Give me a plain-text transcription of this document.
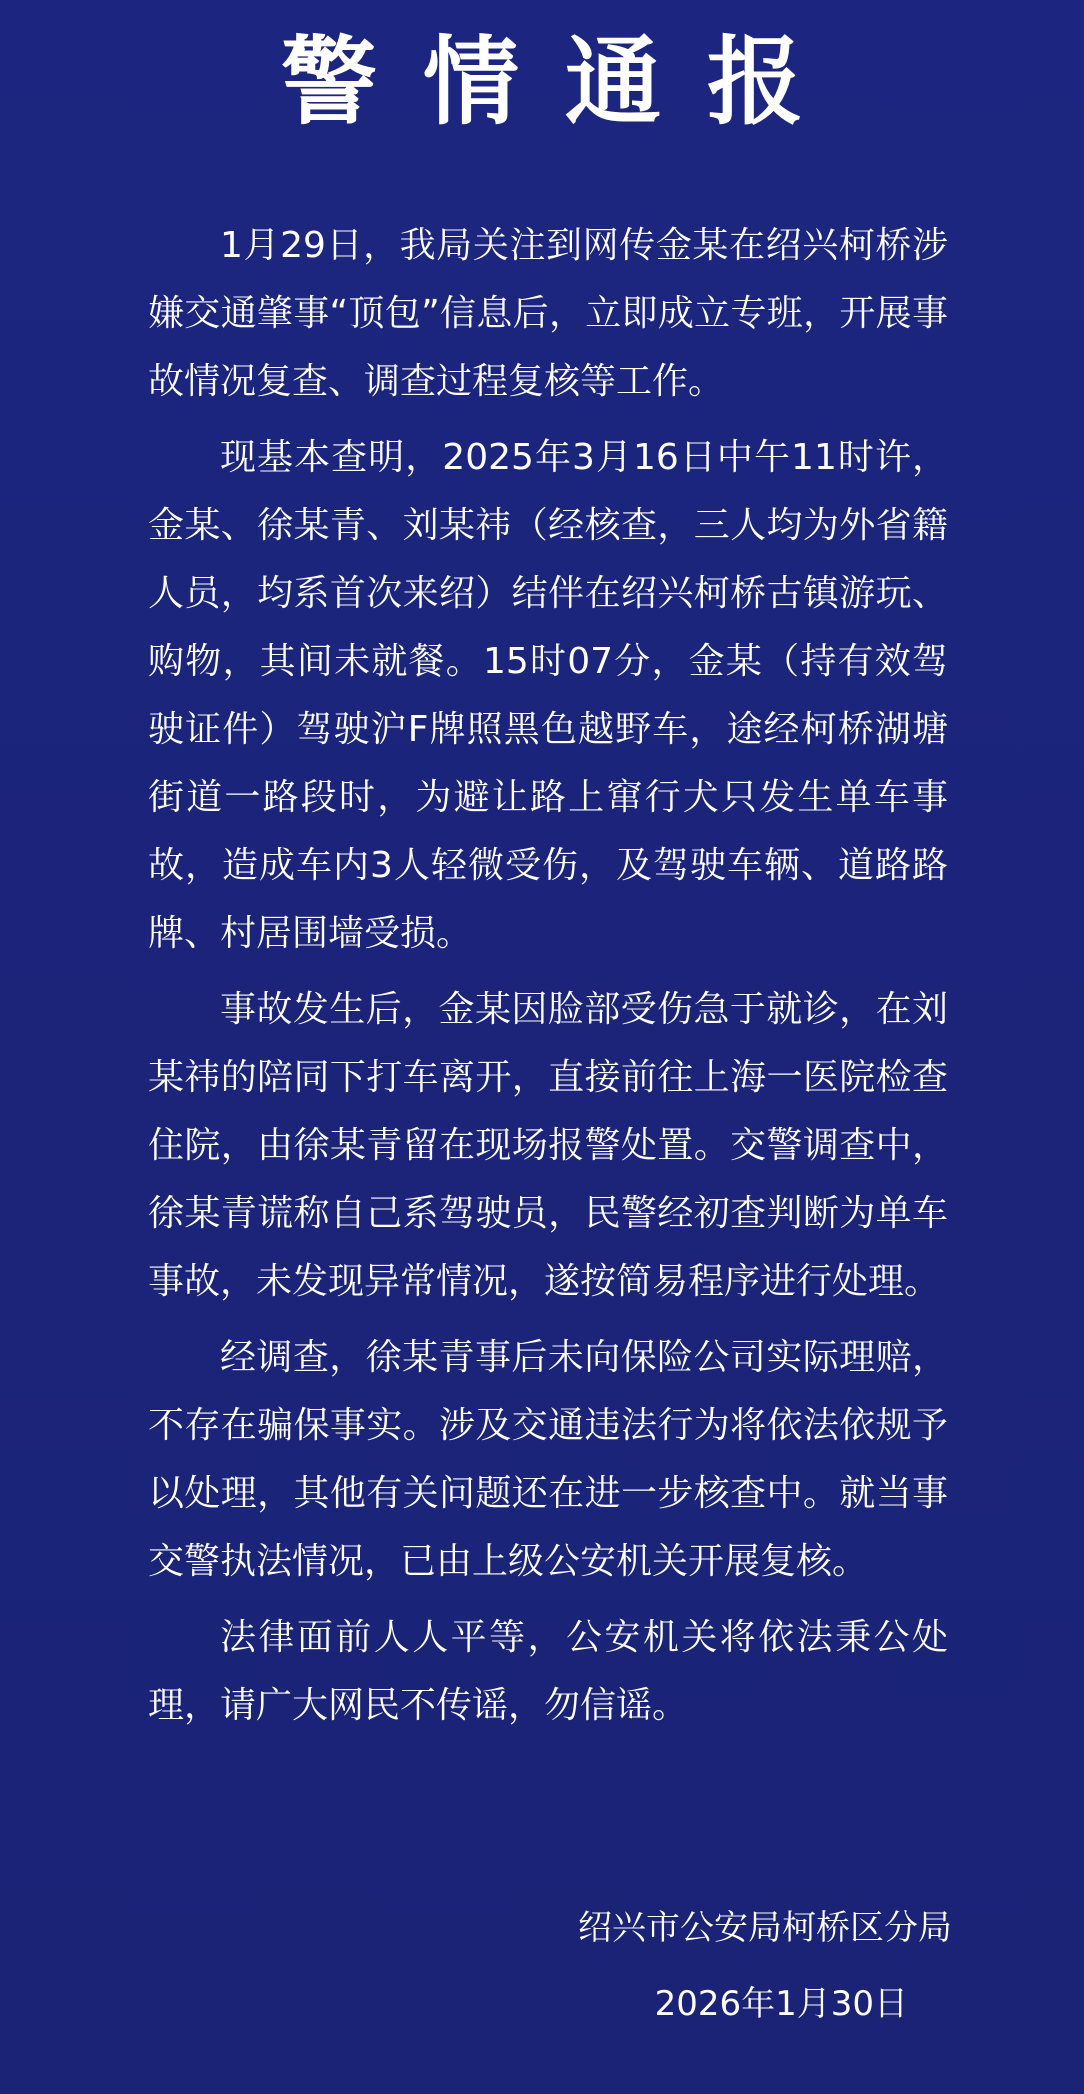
警情通报

1月29日，我局关注到网传金某在绍兴柯桥涉嫌交通肇事“顶包”信息后，立即成立专班，开展事故情况复查、调查过程复核等工作。

现基本查明，2025年3月16日中午11时许，金某、徐某青、刘某祎（经核查，三人均为外省籍人员，均系首次来绍）结伴在绍兴柯桥古镇游玩、购物，其间未就餐。15时07分，金某（持有效驾驶证件）驾驶沪F牌照黑色越野车，途经柯桥湖塘街道一路段时，为避让路上窜行犬只发生单车事故，造成车内3人轻微受伤，及驾驶车辆、道路路牌、村居围墙受损。

事故发生后，金某因脸部受伤急于就诊，在刘某祎的陪同下打车离开，直接前往上海一医院检查住院，由徐某青留在现场报警处置。交警调查中，徐某青谎称自己系驾驶员，民警经初查判断为单车事故，未发现异常情况，遂按简易程序进行处理。

经调查，徐某青事后未向保险公司实际理赔，不存在骗保事实。涉及交通违法行为将依法依规予以处理，其他有关问题还在进一步核查中。就当事交警执法情况，已由上级公安机关开展复核。

法律面前人人平等，公安机关将依法秉公处理，请广大网民不传谣，勿信谣。

绍兴市公安局柯桥区分局
2026年1月30日
